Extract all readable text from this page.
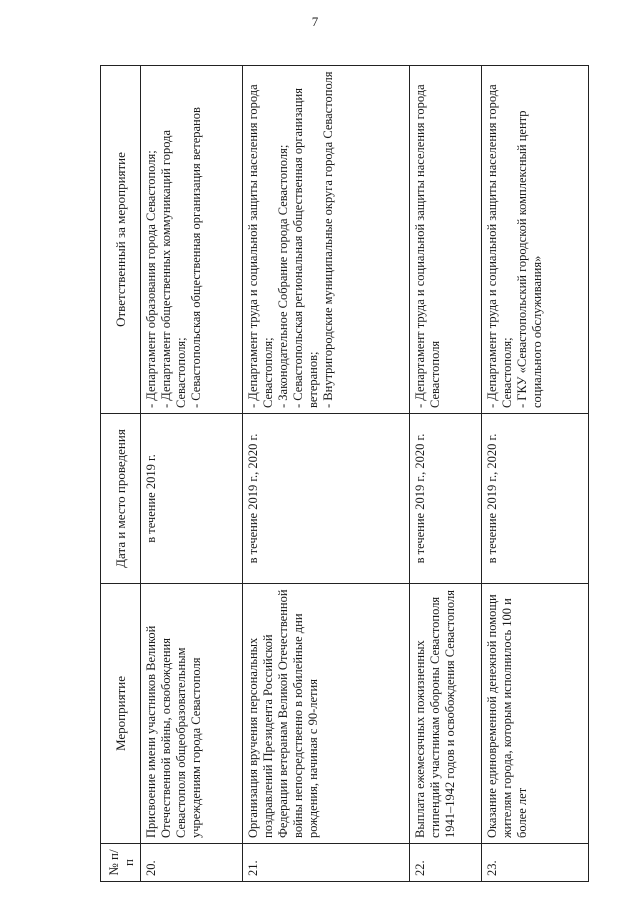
7
№ п/п	Мероприятие	Дата и место проведения	Ответственный за мероприятие
20.	Присвоение имени участников Великой Отечественной войны, освобождения Севастополя общеобразовательным учреждениям города Севастополя	в течение 2019 г.	- Департамент образования города Севастополя; - Департамент общественных коммуникаций города Севастополя; - Севастопольская общественная организация ветеранов

21.	Организация вручения персональных поздравлений Президента Российской Федерации ветеранам Великой Отечественной войны непосредственно в юбилейные дни рождения, начиная с 90-летия	в течение 2019 г., 2020 г.	- Департамент труда и социальной защиты населения города Севастополя; - Законодательное Собрание города Севастополя; - Севастопольская региональная общественная организация ветеранов; - Внутригородские муниципальные округа города Севастополя

22.	Выплата ежемесячных пожизненных стипендий участникам обороны Севастополя 1941–1942 годов и освобождения Севастополя	в течение 2019 г., 2020 г.	- Департамент труда и социальной защиты населения города Севастополя

23.	Оказание единовременной денежной помощи жителям города, которым исполнилось 100 и более лет	в течение 2019 г., 2020 г.	- Департамент труда и социальной защиты населения города Севастополя; - ГКУ «Севастопольский городской комплексный центр социального обслуживания»
